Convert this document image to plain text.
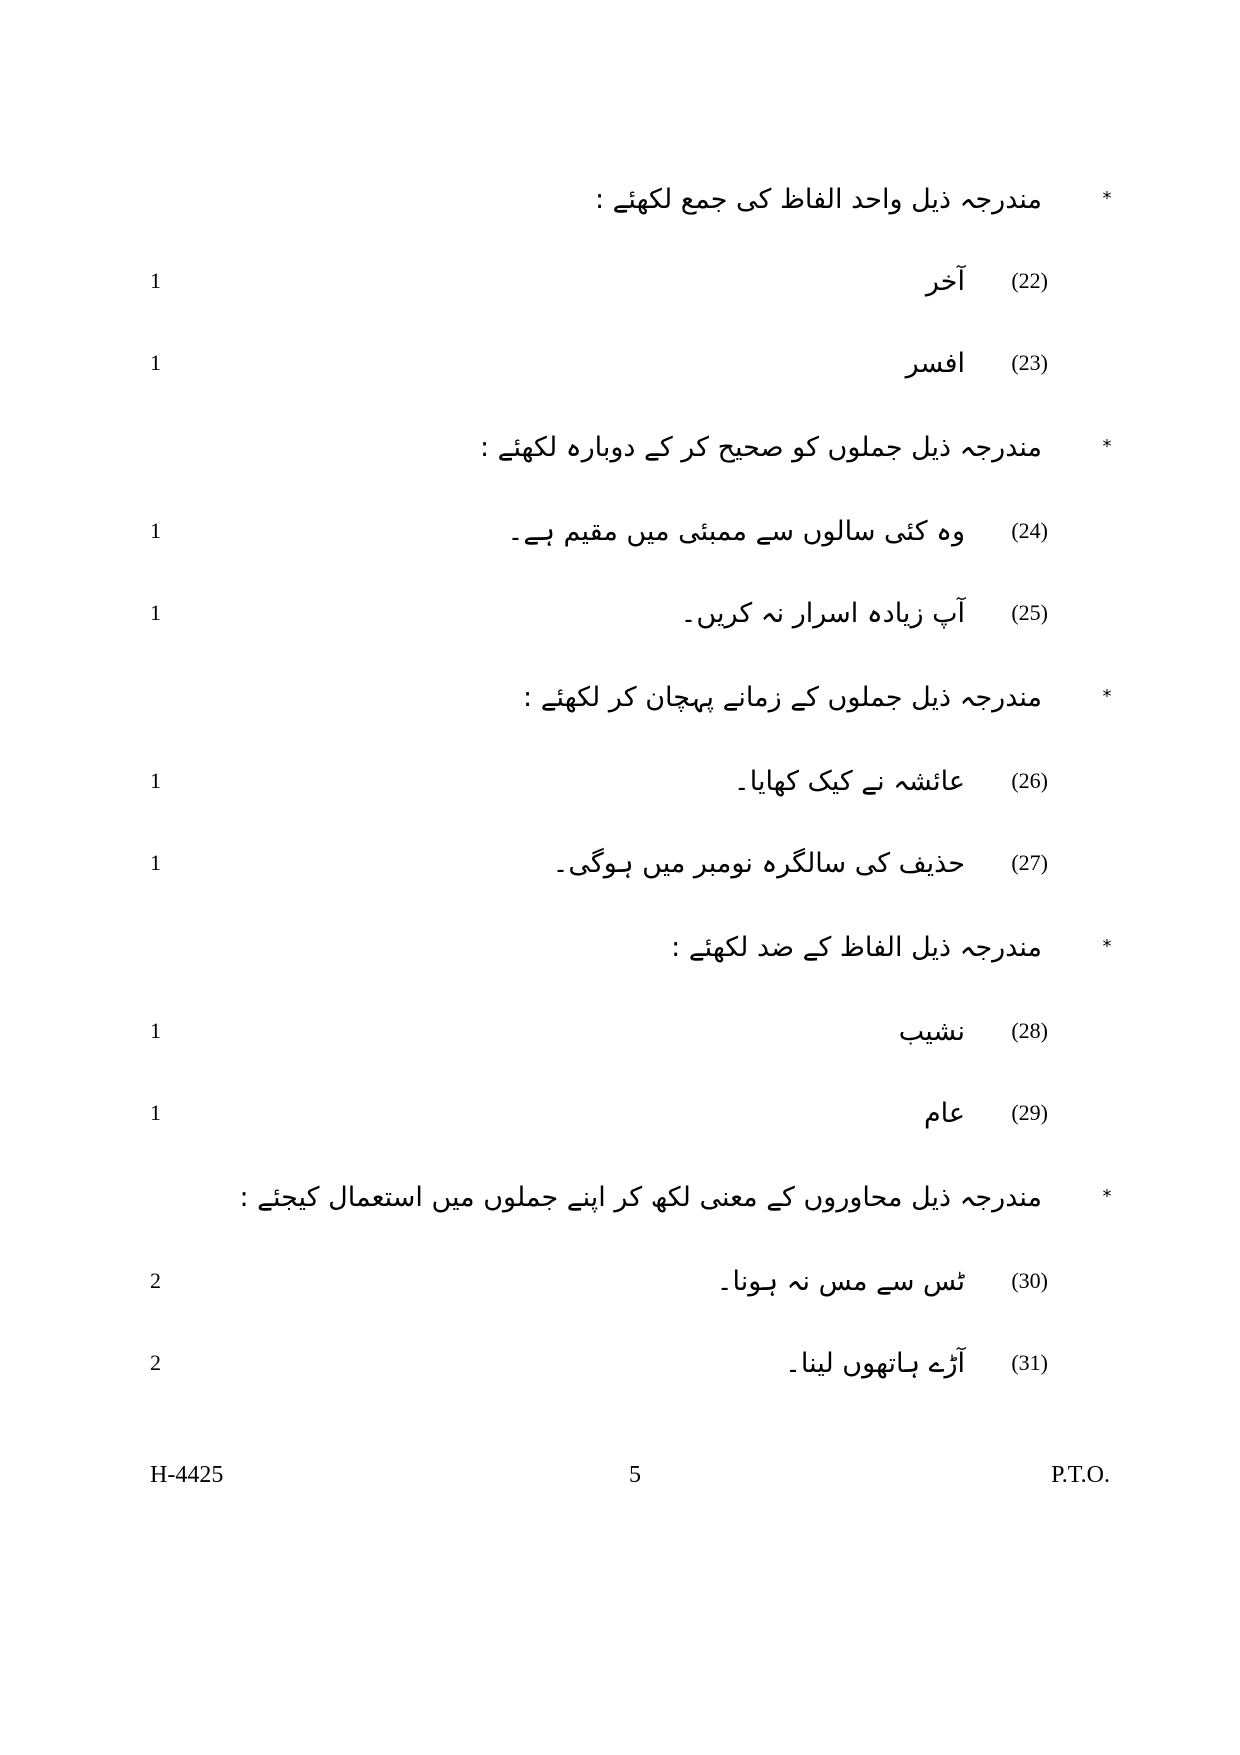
*
مندرجہ ذیل واحد الفاظ کی جمع لکھئے :
(22)
آخر
1
(23)
افسر
1
*
مندرجہ ذیل جملوں کو صحیح کر کے دوبارہ لکھئے :
(24)
وہ کئی سالوں سے ممبئی میں مقیم ہے۔
1
(25)
آپ زیادہ اسرار نہ کریں۔
1
*
مندرجہ ذیل جملوں کے زمانے پہچان کر لکھئے :
(26)
عائشہ نے کیک کھایا۔
1
(27)
حذیف کی سالگرہ نومبر میں ہوگی۔
1
*
مندرجہ ذیل الفاظ کے ضد لکھئے :
(28)
نشیب
1
(29)
عام
1
*
مندرجہ ذیل محاوروں کے معنی لکھ کر اپنے جملوں میں استعمال کیجئے :
(30)
ٹس سے مس نہ ہونا۔
2
(31)
آڑے ہاتھوں لینا۔
2
H-4425	5	P.T.O.
